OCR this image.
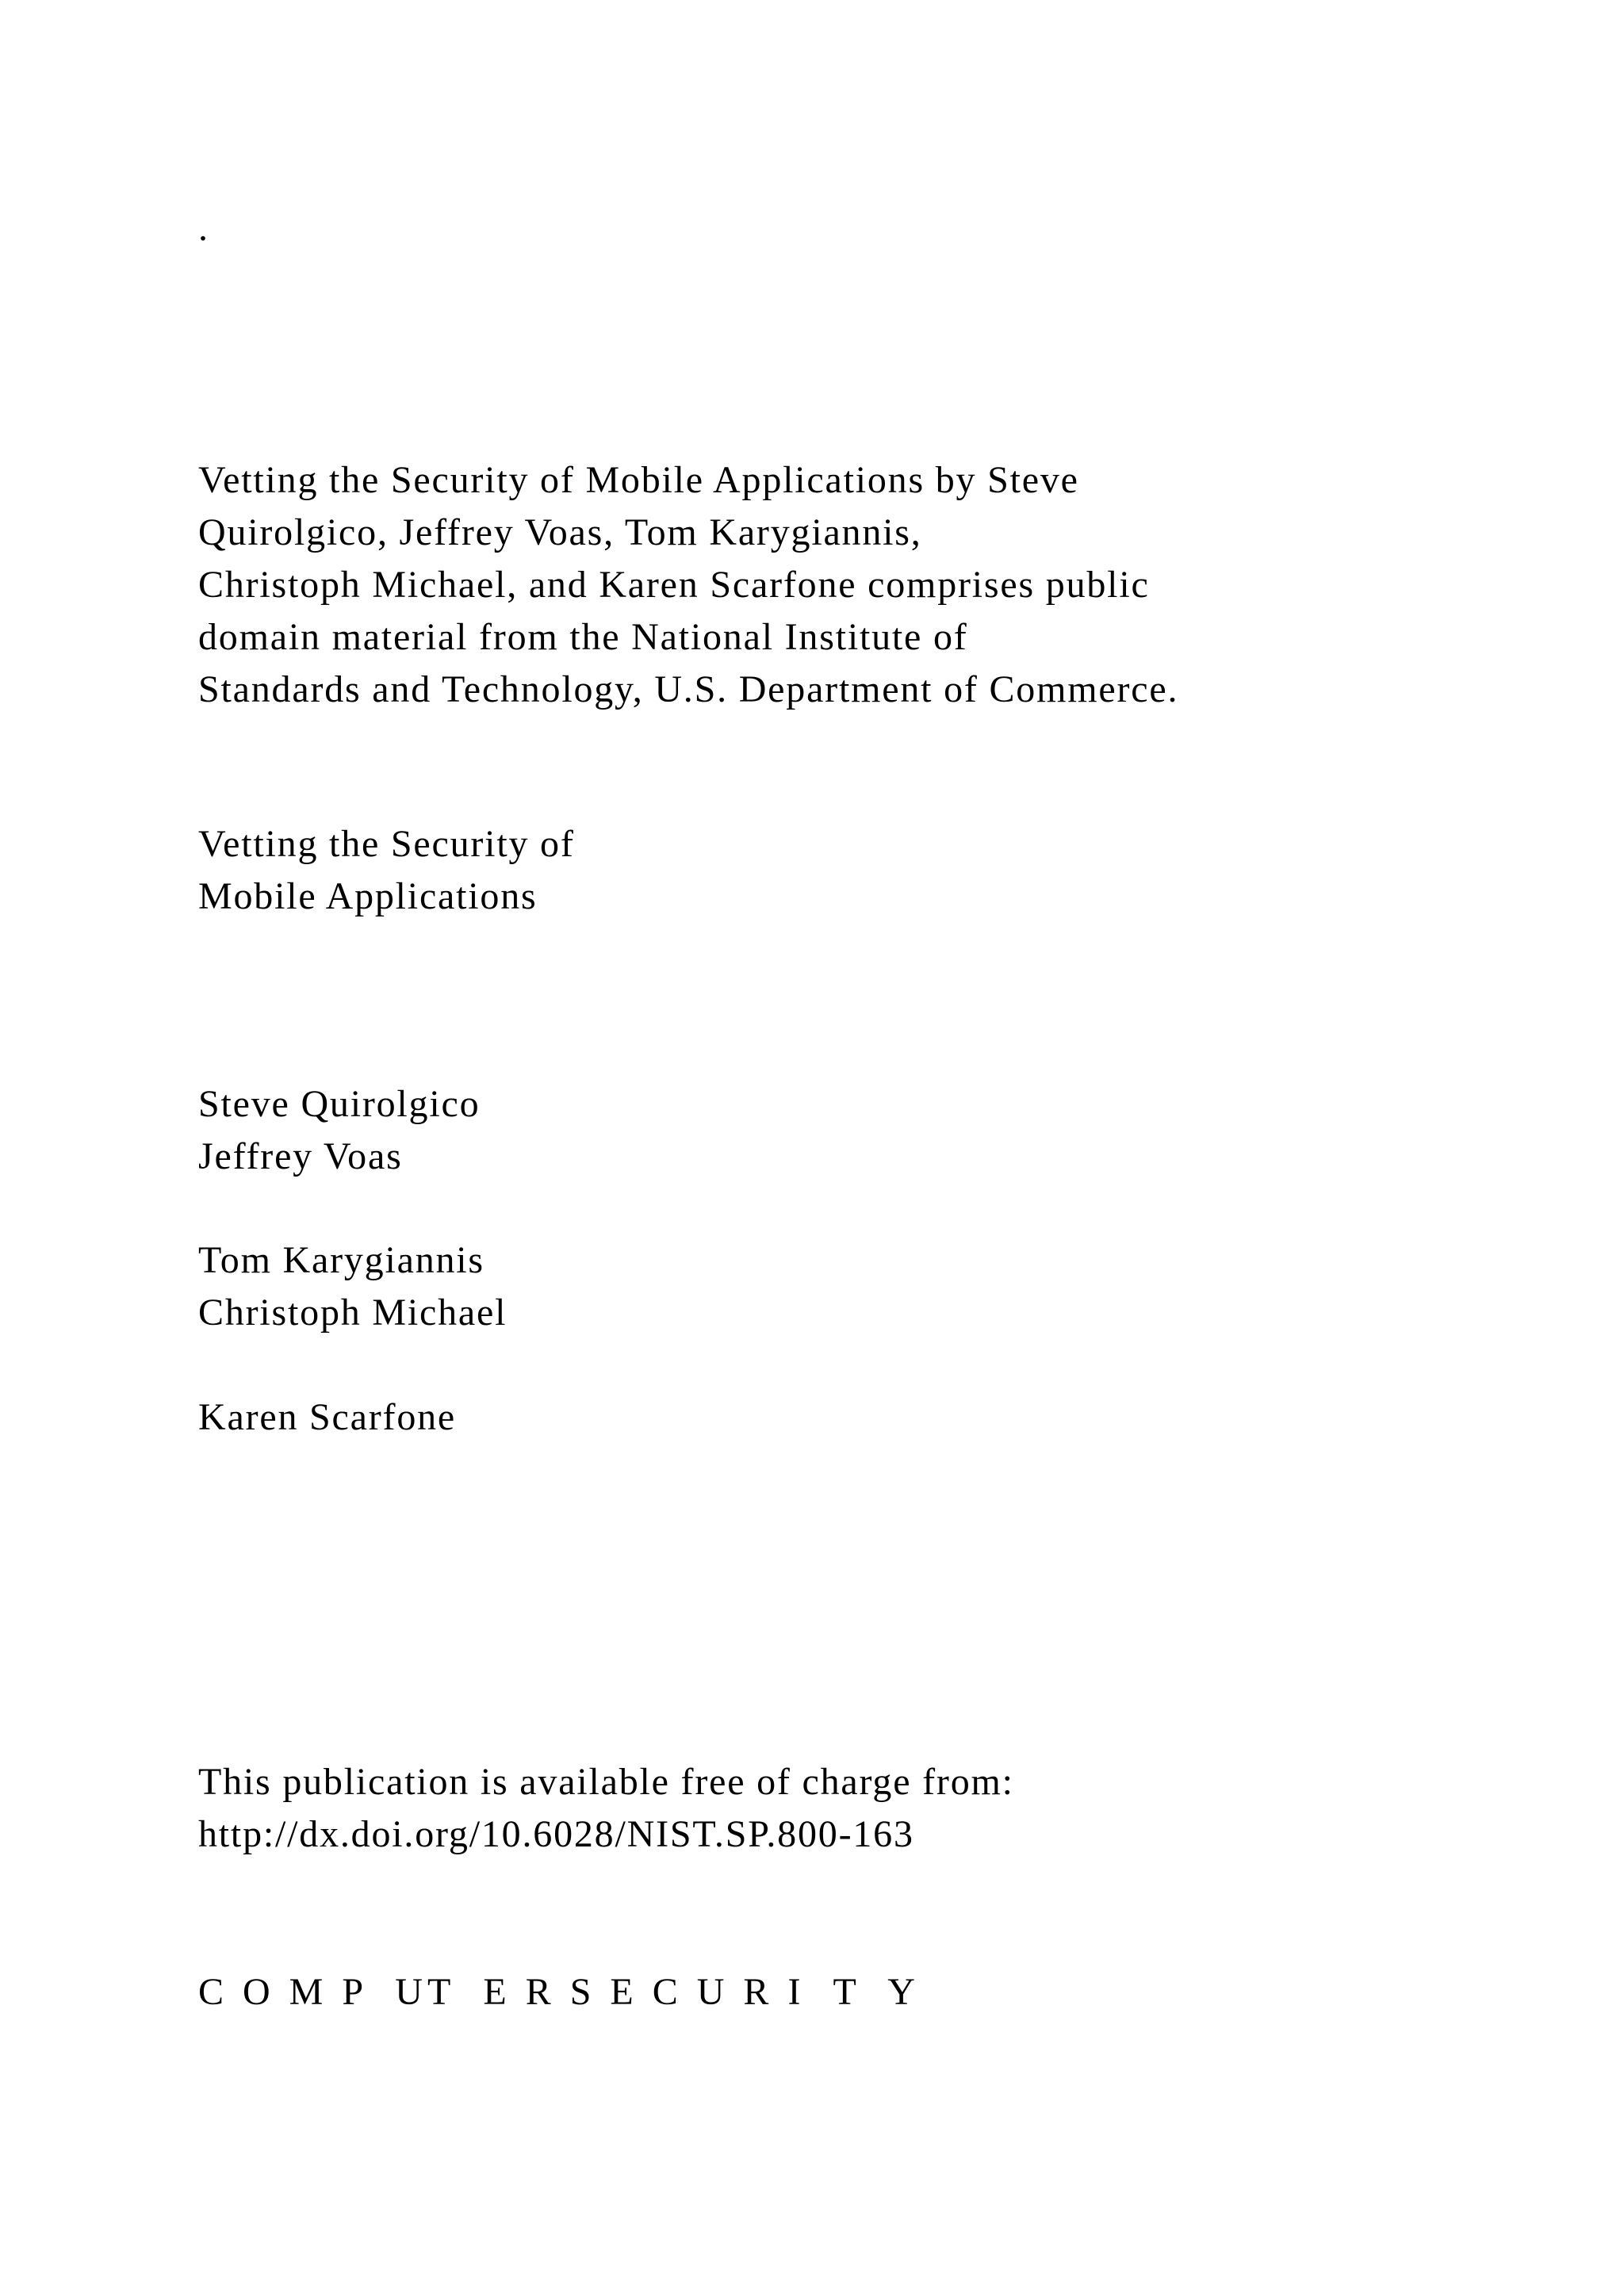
.

Vetting the Security of Mobile Applications by Steve
Quirolgico, Jeffrey Voas, Tom Karygiannis,
Christoph Michael, and Karen Scarfone comprises public
domain material from the National Institute of
Standards and Technology, U.S. Department of Commerce.

Vetting the Security of
Mobile Applications

Steve Quirolgico
Jeffrey Voas

Tom Karygiannis
Christoph Michael

Karen Scarfone

This publication is available free of charge from:
http://dx.doi.org/10.6028/NIST.SP.800-163

C O M P  UT  E R S E C U R I  T  Y
